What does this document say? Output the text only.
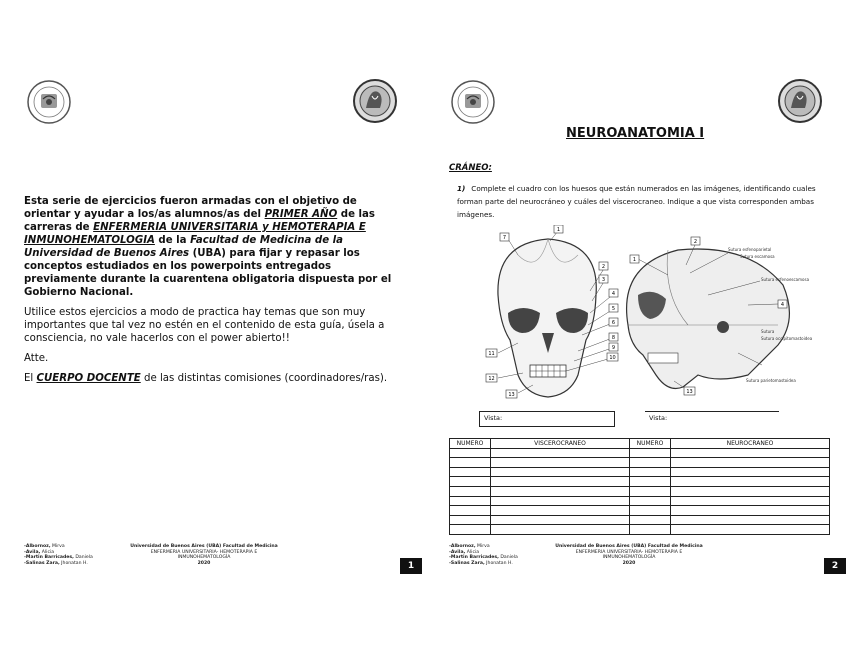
Esta serie de ejercicios fueron armadas con el objetivo de orientar y ayudar a los/as alumnos/as del PRIMER AÑO de las carreras de ENFERMERIA UNIVERSITARIA y HEMOTERAPIA E INMUNOHEMATOLOGIA de la Facultad de Medicina de la Universidad de Buenos Aires (UBA) para fijar y repasar los conceptos estudiados en los powerpoints entregados previamente durante la cuarentena obligatoria dispuesta por el Gobierno Nacional.

Utilice estos ejercicios a modo de practica hay temas que son muy importantes que tal vez no estén en el contenido de esta guía, úsela a consciencia, no vale hacerlos con el power abierto!!

Atte.

El CUERPO DOCENTE de las distintas comisiones (coordinadores/ras).

-Albornoz, Mirva
-Avila, Alicia
-Martin Barricades, Daniela
-Salinas Zara, Jhonatan H.
Universidad de Buenos Aires (UBA) Facultad de Medicina
ENFERMERIA UNIVERSITARIA- HEMOTERAPIA E INMUNOHEMATOLOGÍA
2020	1
NEUROANATOMIA I
CRÁNEO:
1) Complete el cuadro con los huesos que están numerados en las imágenes, identificando cuales forman parte del neurocráneo y cuáles del viscerocraneo. Indique a que vista corresponden ambas imágenes.
7
1
2
3
4
5
6
8
9
10
11
12
13
1
2
4
13
Sutura esfenoparietal
Sutura escamosa
Sutura esfenoescamosa
Sutura
Sutura occipitomastoidea
Sutura parietomastoidea
Vista:	Vista:
NUMERO	VISCEROCRANEO	NUMERO	NEUROCRANEO

-Albornoz, Mirva
-Avila, Alicia
-Martin Barricades, Daniela
-Salinas Zara, Jhonatan H.
Universidad de Buenos Aires (UBA) Facultad de Medicina
ENFERMERIA UNIVERSITARIA- HEMOTERAPIA E INMUNOHEMATOLOGÍA
2020	2
